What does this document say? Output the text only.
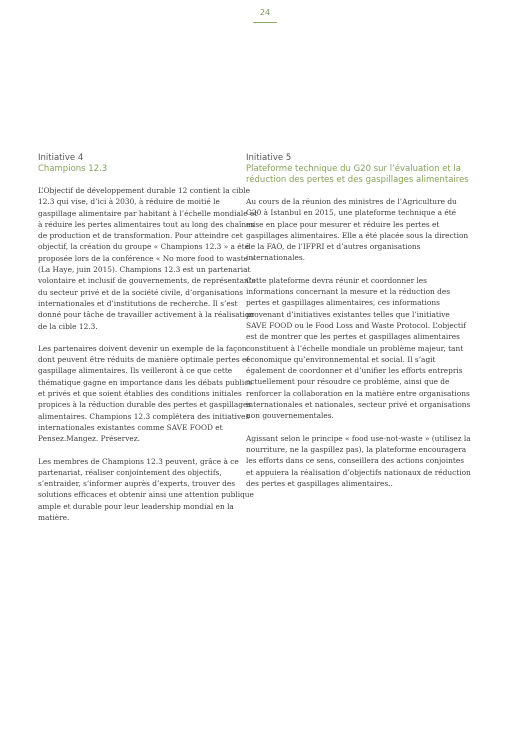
24
Initiative 4
Champions 12.3

L’Objectif de développement durable 12 contient la cible 12.3 qui vise, d’ici à 2030, à réduire de moitié le gaspillage alimentaire par habitant à l’échelle mondiale et à réduire les pertes alimentaires tout au long des chaînes de production et de transformation. Pour atteindre cet objectif, la création du groupe « Champions 12.3 » a été proposée lors de la conférence « No more food to waste » (La Haye, juin 2015). Champions 12.3 est un partenariat volontaire et inclusif de gouvernements, de représentants du secteur privé et de la société civile, d’organisations internationales et d’institutions de recherche. Il s’est donné pour tâche de travailler activement à la réalisation de la cible 12.3.

Les partenaires doivent devenir un exemple de la façon dont peuvent être réduits de manière optimale pertes et gaspillage alimentaires. Ils veilleront à ce que cette thématique gagne en importance dans les débats publics et privés et que soient établies des conditions initiales propices à la réduction durable des pertes et gaspillages alimentaires. Champions 12.3 complétera des initiatives internationales existantes comme SAVE FOOD et Pensez.Mangez. Préservez.

Les membres de Champions 12.3 peuvent, grâce à ce partenariat, réaliser conjointement des objectifs, s’entraider, s’informer auprès d’experts, trouver des solutions efficaces et obtenir ainsi une attention publique ample et durable pour leur leadership mondial en la matière.

Initiative 5
Plateforme technique du G20 sur l’évaluation et la réduction des pertes et des gaspillages alimentaires

Au cours de la réunion des ministres de l’Agriculture du G20 à Istanbul en 2015, une plateforme technique a été mise en place pour mesurer et réduire les pertes et gaspillages alimentaires. Elle a été placée sous la direction de la FAO, de l’IFPRI et d’autres organisations internationales.

Cette plateforme devra réunir et coordonner les informations concernant la mesure et la réduction des pertes et gaspillages alimentaires, ces informations provenant d’initiatives existantes telles que l’initiative SAVE FOOD ou le Food Loss and Waste Protocol. L’objectif est de montrer que les pertes et gaspillages alimentaires constituent à l’échelle mondiale un problème majeur, tant économique qu’environnemental et social. Il s’agit également de coordonner et d’unifier les efforts entrepris actuellement pour résoudre ce problème, ainsi que de renforcer la collaboration en la matière entre organisations internationales et nationales, secteur privé et organisations non gouvernementales.

Agissant selon le principe « food use-not-waste » (utilisez la nourriture, ne la gaspillez pas), la plateforme encouragera les efforts dans ce sens, conseillera des actions conjointes et appuiera la réalisation d’objectifs nationaux de réduction des pertes et gaspillages alimentaires..
